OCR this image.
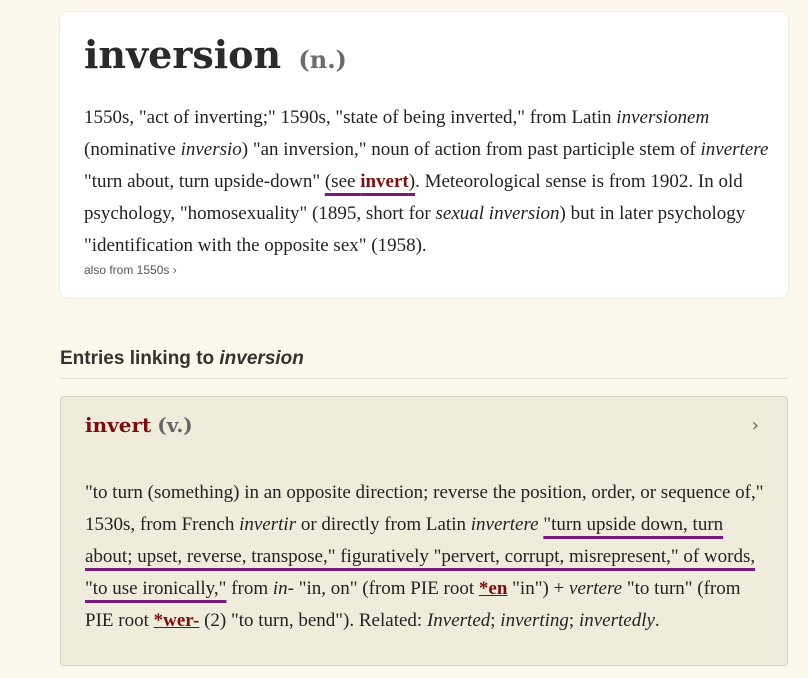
inversion (n.)

1550s, "act of inverting;" 1590s, "state of being inverted," from Latin inversionem (nominative inversio) "an inversion," noun of action from past participle stem of invertere "turn about, turn upside-down" (see invert). Meteorological sense is from 1902. In old psychology, "homosexuality" (1895, short for sexual inversion) but in later psychology "identification with the opposite sex" (1958).

also from 1550s ›
Entries linking to inversion
invert (v.)	›

"to turn (something) in an opposite direction; reverse the position, order, or sequence of," 1530s, from French invertir or directly from Latin invertere "turn upside down, turn about; upset, reverse, transpose," figuratively "pervert, corrupt, misrepresent," of words, "to use ironically," from in- "in, on" (from PIE root *en "in") + vertere "to turn" (from PIE root *wer- (2) "to turn, bend"). Related: Inverted; inverting; invertedly.
